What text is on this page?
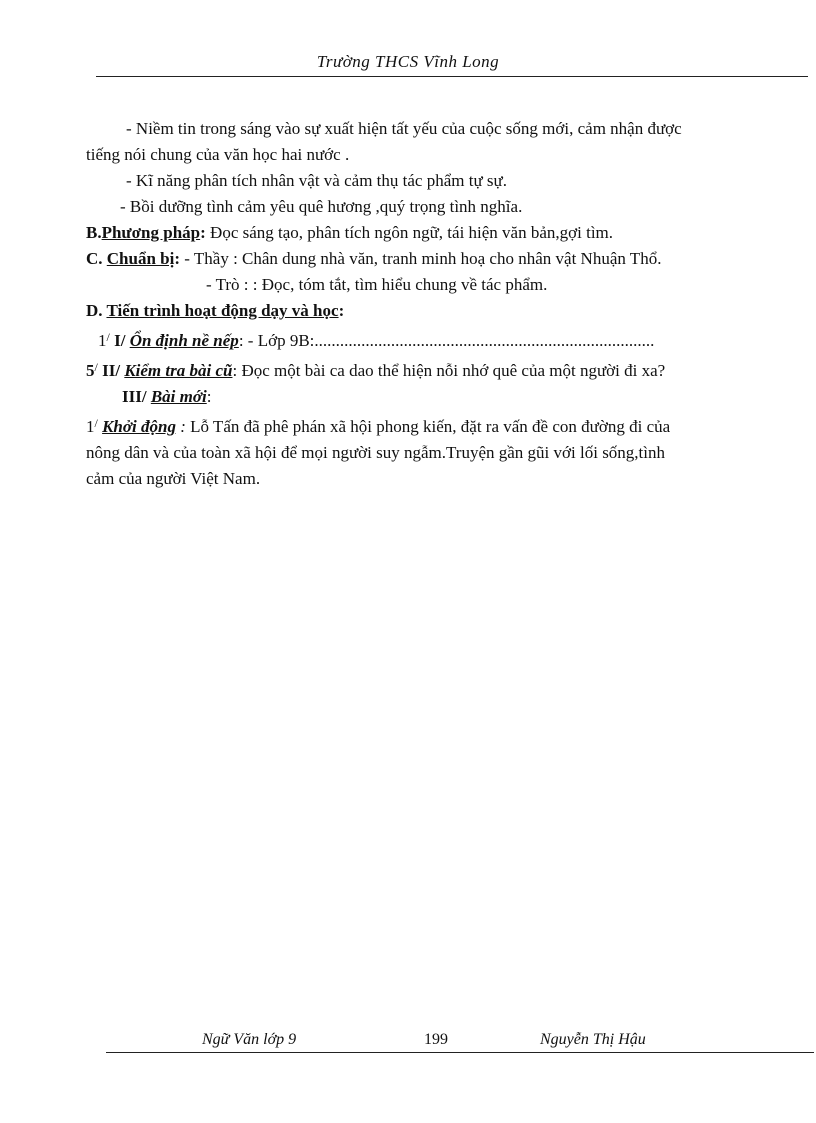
Trường THCS Vĩnh Long

- Niềm tin trong sáng vào sự xuất hiện tất yếu của cuộc sống mới, cảm nhận được

tiếng nói chung của văn học hai nước .

- Kĩ năng phân tích nhân vật và cảm thụ tác phẩm tự sự.

- Bồi dưỡng tình cảm yêu quê hương ,quý trọng tình nghĩa.

B.Phương pháp: Đọc sáng tạo, phân tích ngôn ngữ, tái hiện văn bản,gợi tìm.

C. Chuẩn bị: - Thầy : Chân dung nhà văn, tranh minh hoạ cho nhân vật Nhuận Thổ.

- Trò : : Đọc, tóm tắt, tìm hiểu chung về tác phẩm.

D. Tiến trình hoạt động dạy và học:

1/ I/ Ổn định nề nếp: - Lớp 9B:................................................................................

5/ II/ Kiểm tra bài cũ: Đọc một bài ca dao thể hiện nỗi nhớ quê của một người đi xa?

III/ Bài mới:

1/ Khởi động : Lỗ Tấn đã phê phán xã hội phong kiến, đặt ra vấn đề con đường đi của

nông dân và của toàn xã hội để mọi người suy ngẫm.Truyện gần gũi với lối sống,tình

cảm của người Việt Nam.

Ngữ Văn lớp 9	199	Nguyễn Thị Hậu
